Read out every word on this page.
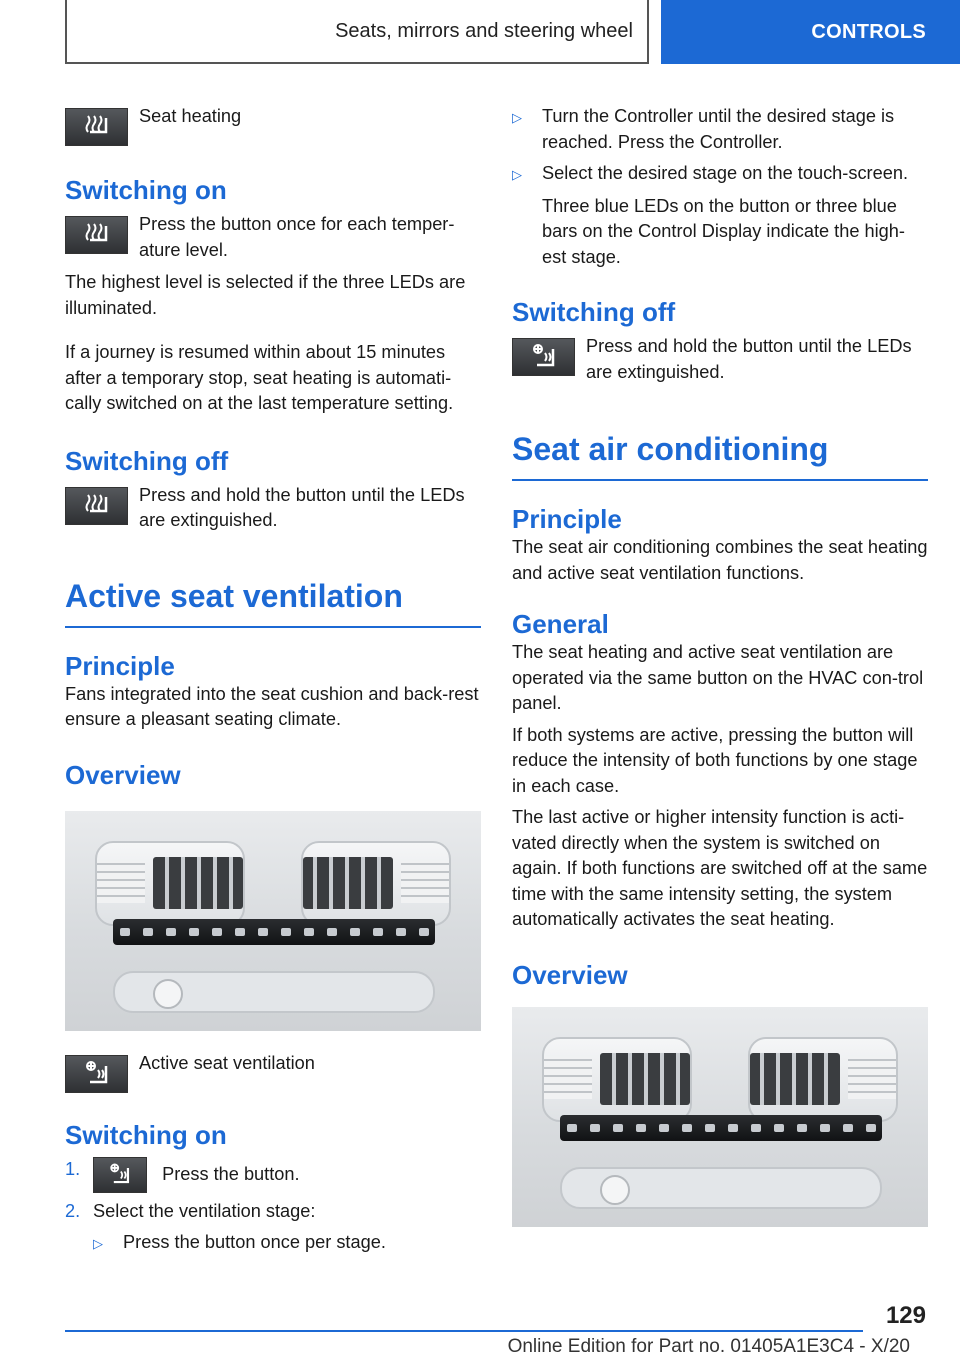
Seats, mirrors and steering wheel	CONTROLS

Seat heating

Switching on

Press the button once for each temper‐ature level.

The highest level is selected if the three LEDs are illuminated.

If a journey is resumed within about 15 minutes after a temporary stop, seat heating is automati‐cally switched on at the last temperature setting.

Switching off

Press and hold the button until the LEDs are extinguished.

Active seat ventilation
Principle

Fans integrated into the seat cushion and back‐rest ensure a pleasant seating climate.

Overview

Active seat ventilation

Switching on
1.	Press the button.
2. Select the ventilation stage:
▷	Press the button once per stage.
▷	Turn the Controller until the desired stage is reached. Press the Controller.
▷	Select the desired stage on the touch‐screen.

Three blue LEDs on the button or three blue bars on the Control Display indicate the high‐est stage.

Switching off

Press and hold the button until the LEDs are extinguished.

Seat air conditioning
Principle

The seat air conditioning combines the seat heating and active seat ventilation functions.

General

The seat heating and active seat ventilation are operated via the same button on the HVAC con‐trol panel.

If both systems are active, pressing the button will reduce the intensity of both functions by one stage in each case.

The last active or higher intensity function is acti‐vated directly when the system is switched on again. If both functions are switched off at the same time with the same intensity setting, the system automatically activates the seat heating.

Overview
129
Online Edition for Part no. 01405A1E3C4 - X/20
